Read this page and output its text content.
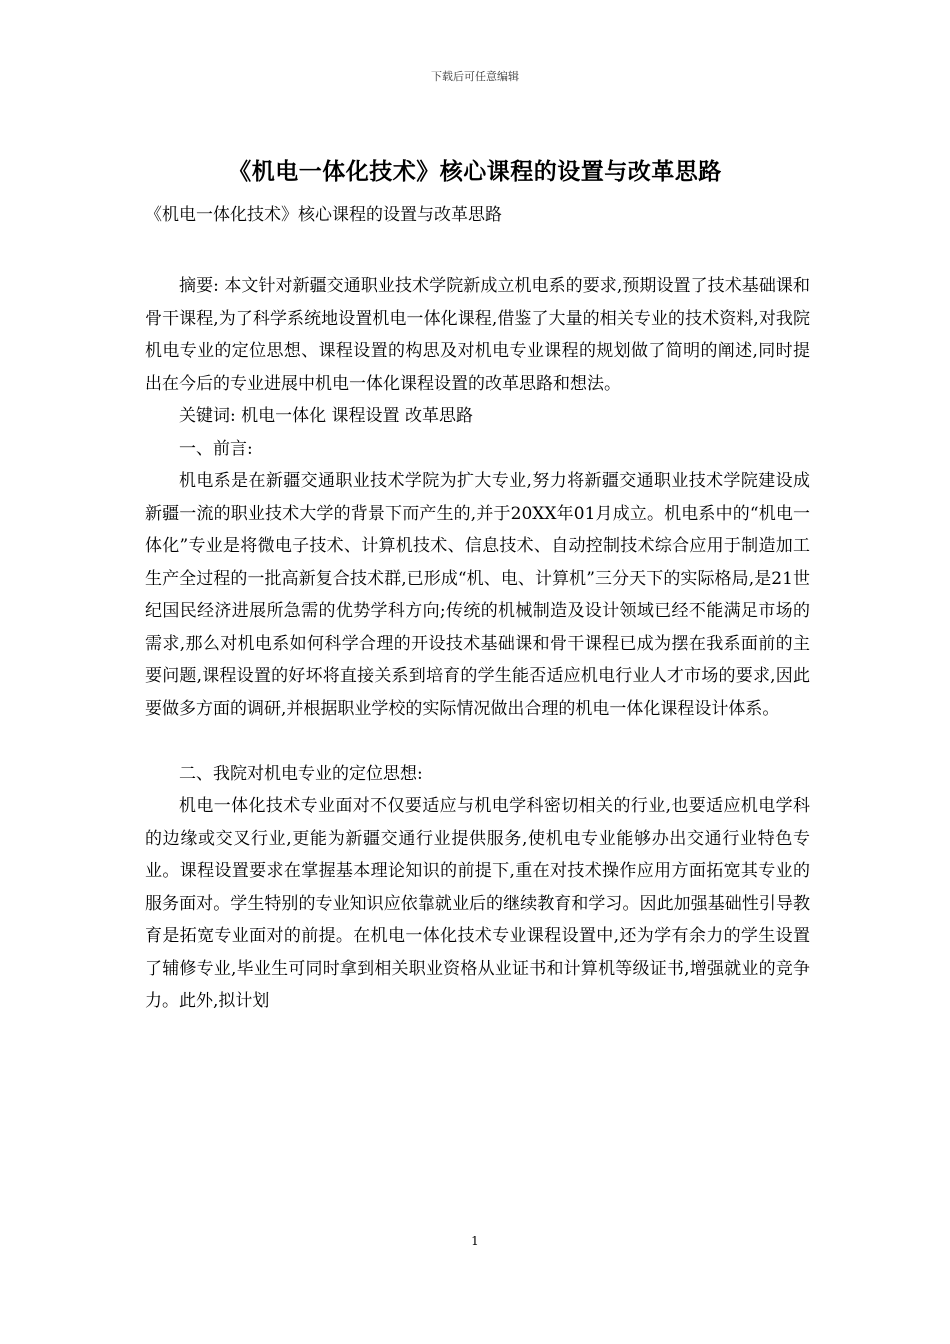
下载后可任意编辑
《机电一体化技术》核心课程的设置与改革思路
《机电一体化技术》核心课程的设置与改革思路

摘要: 本文针对新疆交通职业技术学院新成立机电系的要求,预期设置了技术基础课和骨干课程,为了科学系统地设置机电一体化课程,借鉴了大量的相关专业的技术资料,对我院机电专业的定位思想、课程设置的构思及对机电专业课程的规划做了简明的阐述,同时提出在今后的专业进展中机电一体化课程设置的改革思路和想法。

关键词: 机电一体化 课程设置 改革思路

一、前言:

机电系是在新疆交通职业技术学院为扩大专业,努力将新疆交通职业技术学院建设成新疆一流的职业技术大学的背景下而产生的,并于20XX年01月成立。机电系中的“机电一体化”专业是将微电子技术、计算机技术、信息技术、自动控制技术综合应用于制造加工生产全过程的一批高新复合技术群,已形成“机、电、计算机”三分天下的实际格局,是21世纪国民经济进展所急需的优势学科方向;传统的机械制造及设计领域已经不能满足市场的需求,那么对机电系如何科学合理的开设技术基础课和骨干课程已成为摆在我系面前的主要问题,课程设置的好坏将直接关系到培育的学生能否适应机电行业人才市场的要求,因此要做多方面的调研,并根据职业学校的实际情况做出合理的机电一体化课程设计体系。

二、我院对机电专业的定位思想:

机电一体化技术专业面对不仅要适应与机电学科密切相关的行业,也要适应机电学科的边缘或交叉行业,更能为新疆交通行业提供服务,使机电专业能够办出交通行业特色专业。课程设置要求在掌握基本理论知识的前提下,重在对技术操作应用方面拓宽其专业的服务面对。学生特别的专业知识应依靠就业后的继续教育和学习。因此加强基础性引导教育是拓宽专业面对的前提。在机电一体化技术专业课程设置中,还为学有余力的学生设置了辅修专业,毕业生可同时拿到相关职业资格从业证书和计算机等级证书,增强就业的竞争力。此外,拟计划

1
